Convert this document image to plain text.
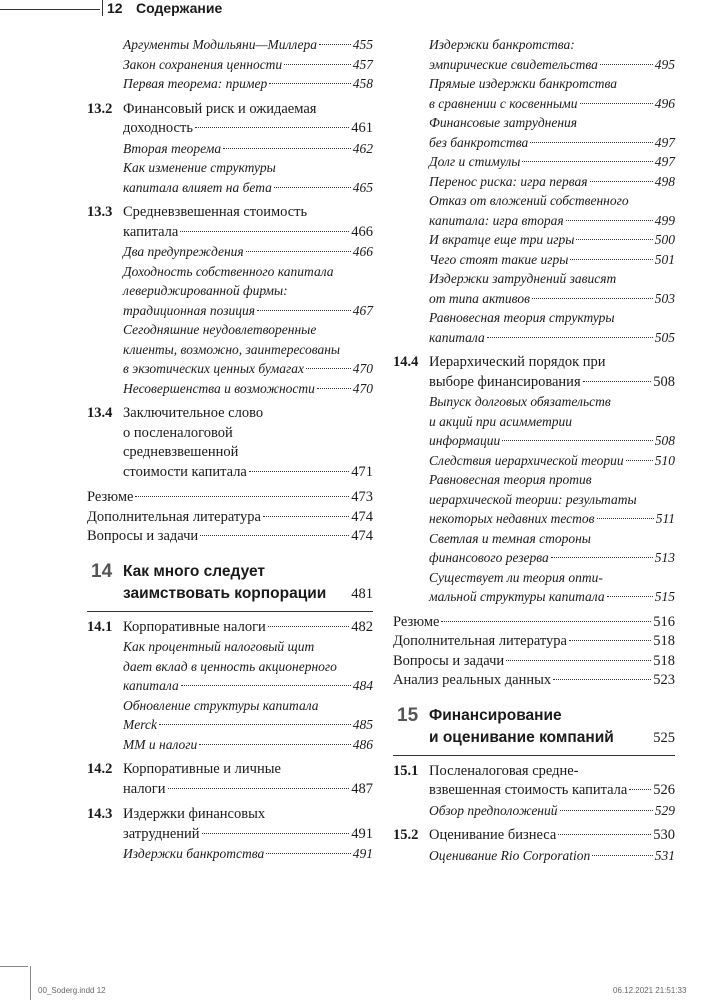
12 Содержание
Аргументы Модильяни—Миллера	455
Закон сохранения ценности	457
Первая теорема: пример	458
13.2 Финансовый риск и ожидаемая
доходность	461
Вторая теорема	462
Как изменение структуры
капитала влияет на бета	465
13.3 Средневзвешенная стоимость
капитала	466
Два предупреждения	466
Доходность собственного капитала
левериджированной фирмы:
традиционная позиция	467
Сегодняшние неудовлетворенные
клиенты, возможно, заинтересованы
в экзотических ценных бумагах	470
Несовершенства и возможности	470
13.4 Заключительное слово
о посленалоговой
средневзвешенной
стоимости капитала	471
Резюме	473
Дополнительная литература	474
Вопросы и задачи	474
14 Как много следует
заимствовать корпорации 481
14.1 Корпоративные налоги	482
Как процентный налоговый щит
дает вклад в ценность акционерного
капитала	484
Обновление структуры капитала
Merck	485
ММ и налоги	486
14.2 Корпоративные и личные
налоги	487
14.3 Издержки финансовых
затруднений	491
Издержки банкротства	491
Издержки банкротства:
эмпирические свидетельства	495
Прямые издержки банкротства
в сравнении с косвенными	496
Финансовые затруднения
без банкротства	497
Долг и стимулы	497
Перенос риска: игра первая	498
Отказ от вложений собственного
капитала: игра вторая	499
И вкратце еще три игры	500
Чего стоят такие игры	501
Издержки затруднений зависят
от типа активов	503
Равновесная теория структуры
капитала	505
14.4 Иерархический порядок при
выборе финансирования	508
Выпуск долговых обязательств
и акций при асимметрии
информации	508
Следствия иерархической теории 510
Равновесная теория против
иерархической теории: результаты
некоторых недавних тестов	511
Светлая и темная стороны
финансового резерва	513
Существует ли теория опти-
мальной структуры капитала	515
Резюме	516
Дополнительная литература	518
Вопросы и задачи	518
Анализ реальных данных	523
15 Финансирование
и оценивание компаний	525
15.1 Посленалоговая средне-
взвешенная стоимость капитала 526
Обзор предположений	529
15.2 Оценивание бизнеса	530
Оценивание Rio Corporation	531
00_Soderg.indd 12	06.12.2021 21:51:33
